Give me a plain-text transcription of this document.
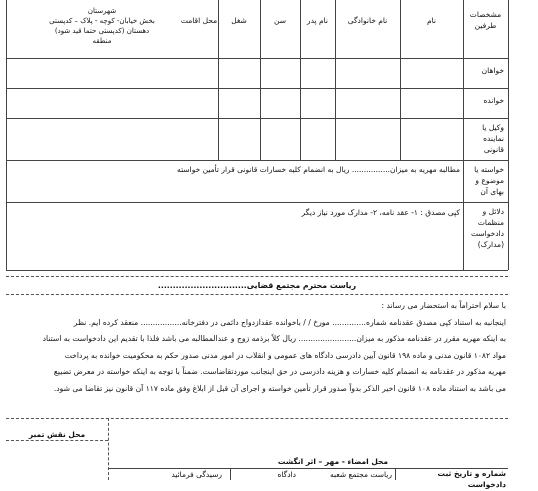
مشخصات
طرفین
نام
نام خانوادگی
نام پدر
سن
شغل
محل اقامت
شهرستان
بخش خیابان- کوچه - پلاک – کدپستی
دهستان (کدپستی حتما قید شود)
منطقه
خواهان
خوانده
وکیل یا
نماینده
قانونی
خواسته یا
موضوع و
بهای آن
مطالبه مهریه به میزان................ ریال به انضمام کلیه خسارات قانونی قرار تأمین خواسته
دلائل و
منظمات
دادخواست
(مدارک)
کپی مصدق : ۱- عقد نامه، ۲- مدارک مورد نیاز دیگر
ریاست محترم مجتمع قضایی..............................

با سلام احتراماً به استحضار می رساند :

اینجانبه به استناد کپی مصدق عقدنامه شماره.............. مورخ / / باخوانده عقدازدواج دائمی در دفترخانه................. منعقد کرده ایم. نظر

به اینکه مهریه مقرر در عقدنامه مذکور به میزان........................ ریال کلاً برذمه زوج و عندالمطالبه می باشد فلذا با تقدیم این دادخواست به استناد

مواد ۱۰۸۲ قانون مدنی و ماده ۱۹۸ قانون آیین دادرسی دادگاه های عمومی و انقلاب در امور مدنی صدور حکم به محکومیت خوانده به پرداخت

مهریه مذکور در عقدنامه به انضمام کلیه خسارات و هزینه دادرسی در حق اینجانب موردتقاضاست. ضمناً با توجه به اینکه خواسته در معرض تضییع

می باشد به استناد ماده ۱۰۸ قانون اخیر الذکر بدواً صدور قرار تأمین خواسته و اجرای آن قبل از ابلاغ وفق ماده ۱۱۷ آن قانون نیز تقاضا می شود.

محل نقش تمبر
محل امضاء - مهر – اثر انگشت
شماره و تاریخ ثبت دادخواست
ریاست مجتمع شعبه
دادگاه
رسیدگی فرمائید
